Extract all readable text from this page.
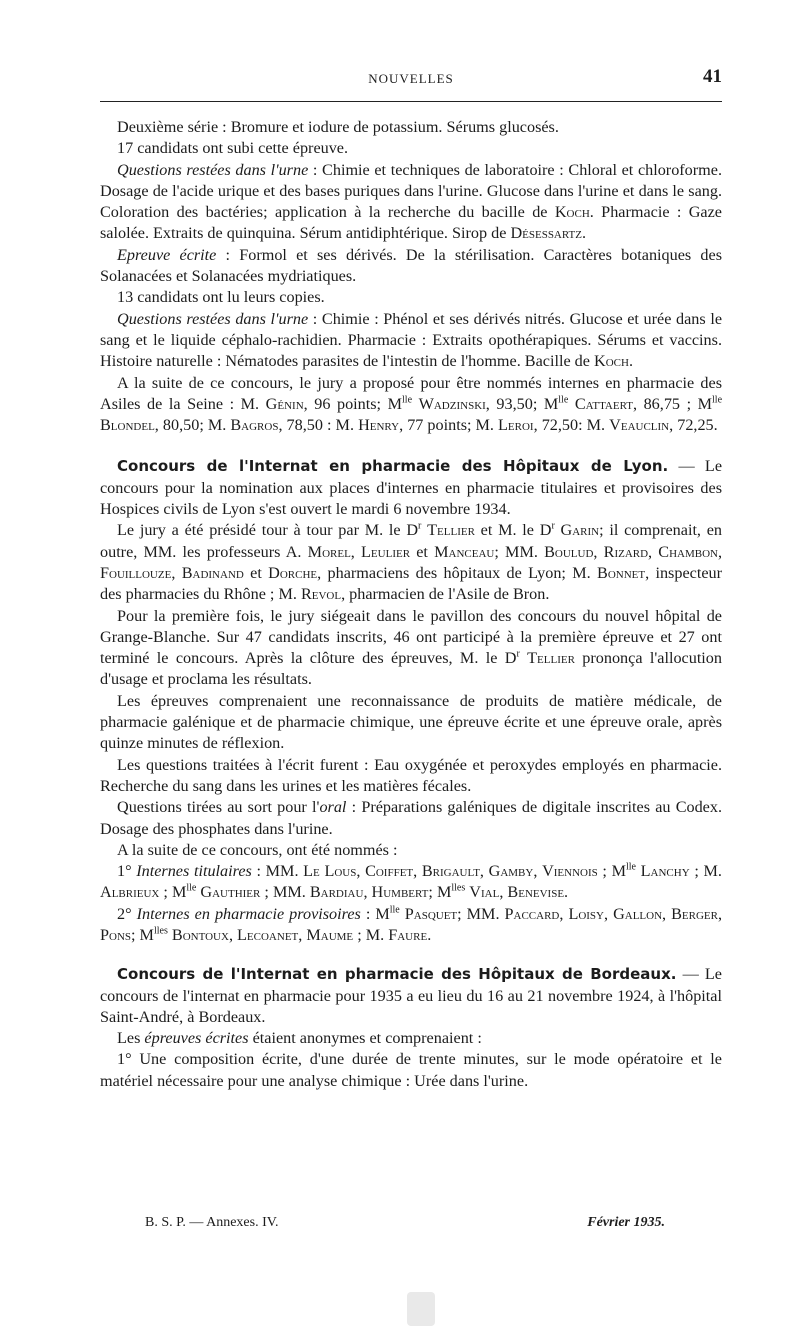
NOUVELLES	41

Deuxième série : Bromure et iodure de potassium. Sérums glucosés.

17 candidats ont subi cette épreuve.

Questions restées dans l'urne : Chimie et techniques de laboratoire : Chloral et chloroforme. Dosage de l'acide urique et des bases puriques dans l'urine. Glucose dans l'urine et dans le sang. Coloration des bactéries; application à la recherche du bacille de Koch. Pharmacie : Gaze salolée. Extraits de quinquina. Sérum antidiphtérique. Sirop de Désessartz.

Epreuve écrite : Formol et ses dérivés. De la stérilisation. Caractères botaniques des Solanacées et Solanacées mydriatiques.

13 candidats ont lu leurs copies.

Questions restées dans l'urne : Chimie : Phénol et ses dérivés nitrés. Glucose et urée dans le sang et le liquide céphalo-rachidien. Pharmacie : Extraits opothérapiques. Sérums et vaccins. Histoire naturelle : Nématodes parasites de l'intestin de l'homme. Bacille de Koch.

A la suite de ce concours, le jury a proposé pour être nommés internes en pharmacie des Asiles de la Seine : M. Génin, 96 points; $M^{lle}$ Wadzinski, 93,50; $M^{lle}$ Cattaert, 86,75 ; $M^{lle}$ Blondel, 80,50; M. Bagros, 78,50 : M. Henry, 77 points; M. Leroi, 72,50: M. Veauclin, 72,25.

Concours de l'Internat en pharmacie des Hôpitaux de Lyon. — Le concours pour la nomination aux places d'internes en pharmacie titulaires et provisoires des Hospices civils de Lyon s'est ouvert le mardi 6 novembre 1934.

Le jury a été présidé tour à tour par M. le $D^r$ Tellier et M. le $D^r$ Garin; il comprenait, en outre, MM. les professeurs A. Morel, Leulier et Manceau; MM. Boulud, Rizard, Chambon, Fouillouze, Badinand et Dorche, pharmaciens des hôpitaux de Lyon; M. Bonnet, inspecteur des pharmacies du Rhône ; M. Revol, pharmacien de l'Asile de Bron.

Pour la première fois, le jury siégeait dans le pavillon des concours du nouvel hôpital de Grange-Blanche. Sur 47 candidats inscrits, 46 ont participé à la première épreuve et 27 ont terminé le concours. Après la clôture des épreuves, M. le $D^r$ Tellier prononça l'allocution d'usage et proclama les résultats.

Les épreuves comprenaient une reconnaissance de produits de matière médicale, de pharmacie galénique et de pharmacie chimique, une épreuve écrite et une épreuve orale, après quinze minutes de réflexion.

Les questions traitées à l'écrit furent : Eau oxygénée et peroxydes employés en pharmacie. Recherche du sang dans les urines et les matières fécales.

Questions tirées au sort pour l'oral : Préparations galéniques de digitale inscrites au Codex. Dosage des phosphates dans l'urine.

A la suite de ce concours, ont été nommés :

1° Internes titulaires : MM. Le Lous, Coiffet, Brigault, Gamby, Viennois ; $M^{lle}$ Lanchy ; M. Albrieux ; $M^{lle}$ Gauthier ; MM. Bardiau, Humbert; $M^{lles}$ Vial, Benevise.

2° Internes en pharmacie provisoires : $M^{lle}$ Pasquet; MM. Paccard, Loisy, Gallon, Berger, Pons; $M^{lles}$ Bontoux, Lecoanet, Maume ; M. Faure.

Concours de l'Internat en pharmacie des Hôpitaux de Bordeaux. — Le concours de l'internat en pharmacie pour 1935 a eu lieu du 16 au 21 novembre 1924, à l'hôpital Saint-André, à Bordeaux.

Les épreuves écrites étaient anonymes et comprenaient :

1° Une composition écrite, d'une durée de trente minutes, sur le mode opératoire et le matériel nécessaire pour une analyse chimique : Urée dans l'urine.

B. S. P. — Annexes. IV.	Février 1935.
